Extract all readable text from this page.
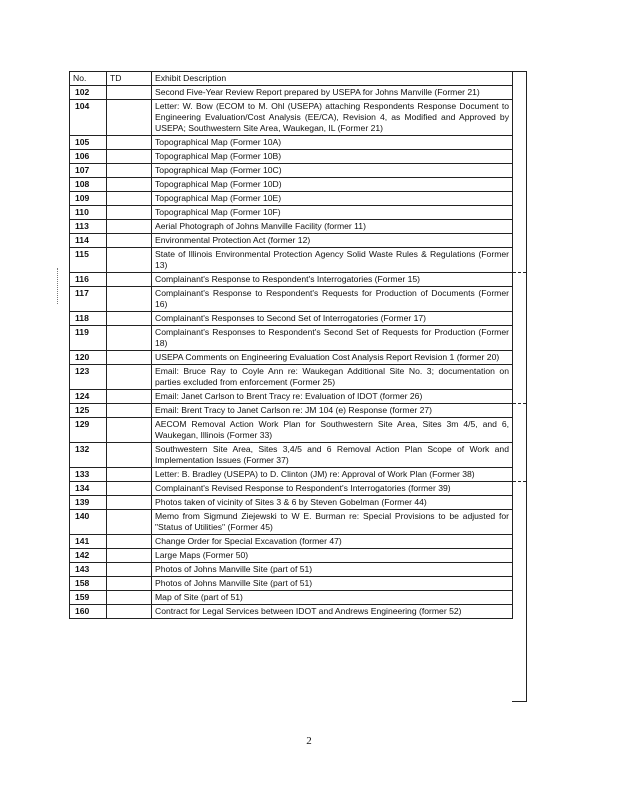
No.	TD	Exhibit Description
102		Second Five-Year Review Report prepared by USEPA for Johns Manville (Former 21)
104		Letter: W. Bow (ECOM to M. Ohl (USEPA) attaching Respondents Response Document to Engineering Evaluation/Cost Analysis (EE/CA), Revision 4, as Modified and Approved by USEPA; Southwestern Site Area, Waukegan, IL (Former 21)
105		Topographical Map (Former 10A)
106		Topographical Map (Former 10B)
107		Topographical Map (Former 10C)
108		Topographical Map (Former 10D)
109		Topographical Map (Former 10E)
110		Topographical Map (Former 10F)
113		Aerial Photograph of Johns Manville Facility (former 11)
114		Environmental Protection Act (former 12)
115		State of Illinois Environmental Protection Agency Solid Waste Rules & Regulations (Former 13)
116		Complainant's Response to Respondent's Interrogatories (Former 15)
117		Complainant's Response to Respondent's Requests for Production of Documents (Former 16)
118		Complainant's Responses to Second Set of Interrogatories (Former 17)
119		Complainant's Responses to Respondent's Second Set of Requests for Production (Former 18)
120		USEPA Comments on Engineering Evaluation Cost Analysis Report Revision 1 (former 20)
123		Email: Bruce Ray to Coyle Ann re: Waukegan Additional Site No. 3; documentation on parties excluded from enforcement (Former 25)
124		Email: Janet Carlson to Brent Tracy re: Evaluation of IDOT (former 26)
125		Email: Brent Tracy to Janet Carlson re: JM 104 (e) Response (former 27)
129		AECOM Removal Action Work Plan for Southwestern Site Area, Sites 3m 4/5, and 6, Waukegan, Illinois (Former 33)
132		Southwestern Site Area, Sites 3,4/5 and 6 Removal Action Plan Scope of Work and Implementation Issues (Former 37)
133		Letter: B. Bradley (USEPA) to D. Clinton (JM) re: Approval of Work Plan (Former 38)
134		Complainant's Revised Response to Respondent's Interrogatories (former 39)
139		Photos taken of vicinity of Sites 3 & 6 by Steven Gobelman (Former 44)
140		Memo from Sigmund Ziejewski to W E. Burman re: Special Provisions to be adjusted for "Status of Utilities" (Former 45)
141		Change Order for Special Excavation (former 47)
142		Large Maps (Former 50)
143		Photos of Johns Manville Site (part of 51)
158		Photos of Johns Manville Site (part of 51)
159		Map of Site (part of 51)
160		Contract for Legal Services between IDOT and Andrews Engineering (former 52)
2
